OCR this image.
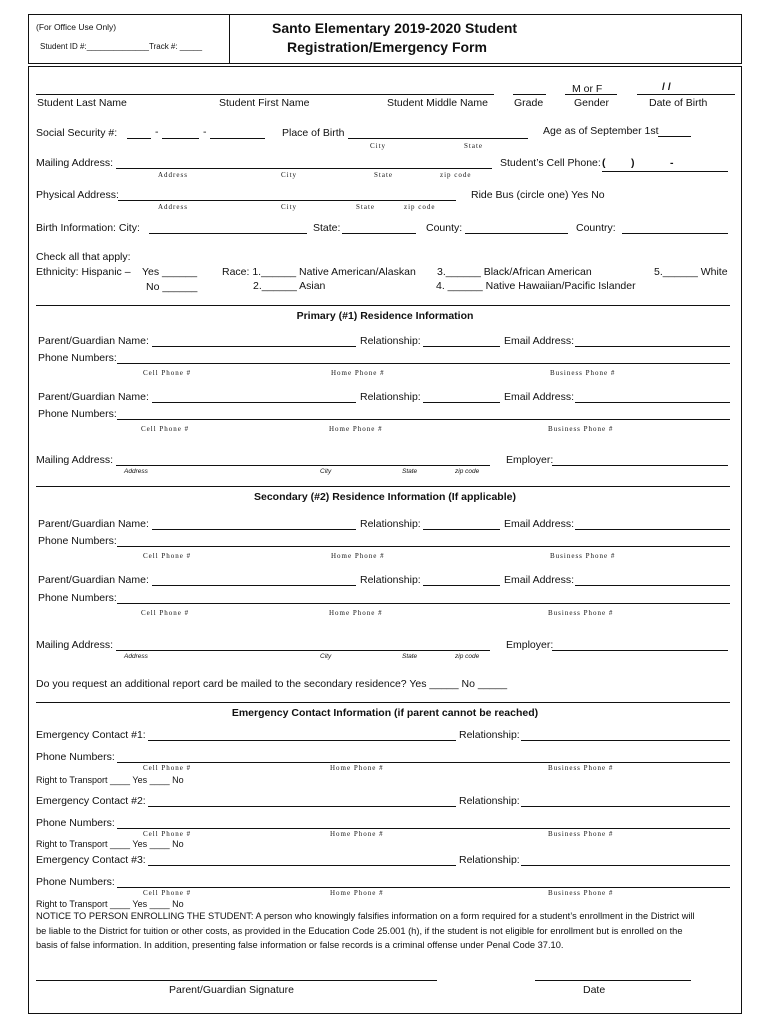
(For Office Use Only)
Student ID #:______________Track #: _____
Santo Elementary 2019-2020 Student
Registration/Emergency Form
M or F	/ /
Student Last Name	Student First Name	Student Middle Name Grade	Gender	Date of Birth
Social Security #:	-	-	Place of Birth	Age as of September 1st
City	State
Mailing Address:	Student’s Cell Phone: ( )	-
Address	City	State	zip code
Physical Address:	Ride Bus (circle one) Yes No
Address	City	State	zip code
Birth Information: City:	State:	County:	Country:
Check all that apply:
Ethnicity: Hispanic – Yes ______
No ______
Race: 1.______ Native American/Alaskan
2.______ Asian
3.______ Black/African American
4. ______ Native Hawaiian/Pacific Islander
5.______ White
Primary (#1) Residence Information
Parent/Guardian Name:	Relationship:	Email Address:
Phone Numbers:
Cell Phone #	Home Phone #	Business Phone #
Parent/Guardian Name:	Relationship:	Email Address:
Phone Numbers:
Cell Phone #	Home Phone #	Business Phone #
Mailing Address:	Employer:
Address	City	State	zip code
Secondary (#2) Residence Information (If applicable)
Parent/Guardian Name:	Relationship:	Email Address:
Phone Numbers:
Cell Phone #	Home Phone #	Business Phone #
Parent/Guardian Name:	Relationship:	Email Address:
Phone Numbers:
Cell Phone #	Home Phone #	Business Phone #
Mailing Address:	Employer:
Address	City	State	zip code
Do you request an additional report card be mailed to the secondary residence? Yes _____ No _____
Emergency Contact Information (if parent cannot be reached)
Emergency Contact #1:	Relationship:
Phone Numbers:
Cell Phone #	Home Phone #	Business Phone #
Right to Transport ____ Yes ____ No
Emergency Contact #2:	Relationship:
Phone Numbers:
Cell Phone #	Home Phone #	Business Phone #
Right to Transport ____ Yes ____ No
Emergency Contact #3:	Relationship:
Phone Numbers:
Cell Phone #	Home Phone #	Business Phone #
Right to Transport ____ Yes ____ No
NOTICE TO PERSON ENROLLING THE STUDENT: A person who knowingly falsifies information on a form required for a student’s enrollment in the District will
be liable to the District for tuition or other costs, as provided in the Education Code 25.001 (h), if the student is not eligible for enrollment but is enrolled on the
basis of false information. In addition, presenting false information or false records is a criminal offense under Penal Code 37.10.
Parent/Guardian Signature	Date
